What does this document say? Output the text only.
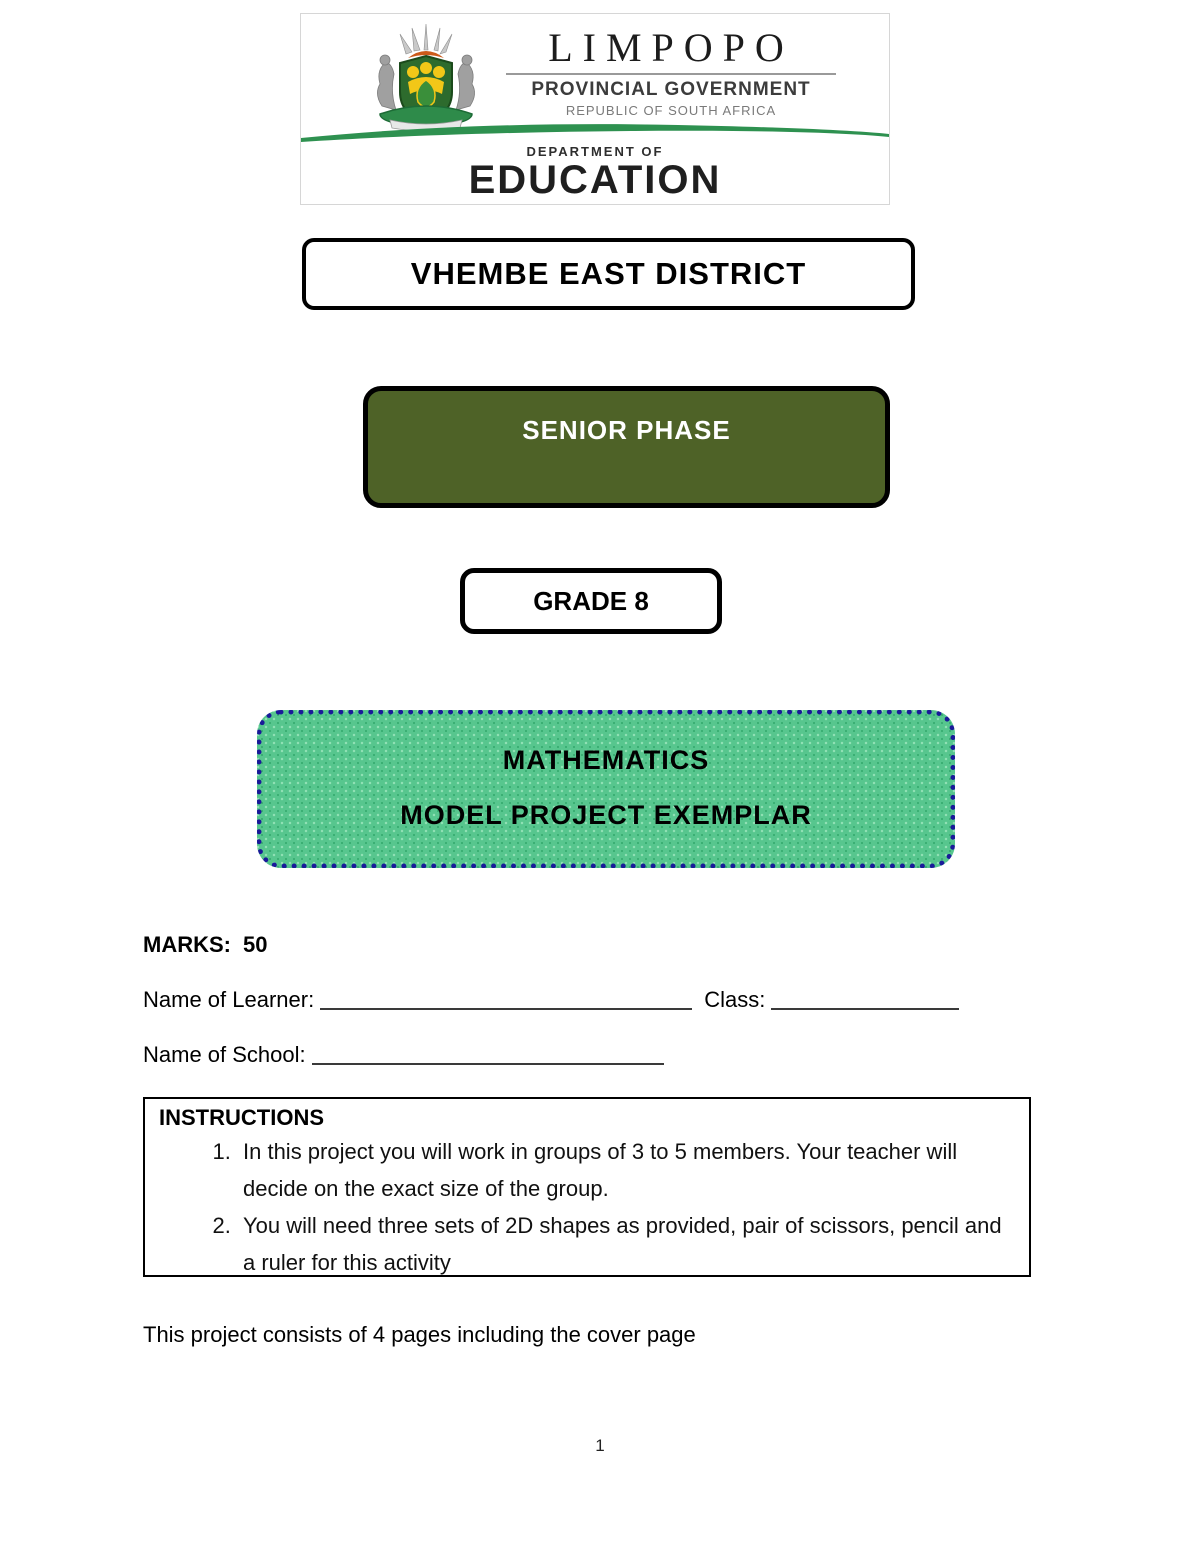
LIMPOPO
PROVINCIAL GOVERNMENT
REPUBLIC OF SOUTH AFRICA
DEPARTMENT OF
EDUCATION
VHEMBE EAST DISTRICT
SENIOR PHASE
GRADE 8
MATHEMATICS
MODEL PROJECT EXEMPLAR
MARKS: 50
Name of Learner:	Class:
Name of School:
INSTRUCTIONS
1. In this project you will work in groups of 3 to 5 members. Your teacher will decide on the exact size of the group.
2. You will need three sets of 2D shapes as provided, pair of scissors, pencil and a ruler for this activity
This project consists of 4 pages including the cover page
1
